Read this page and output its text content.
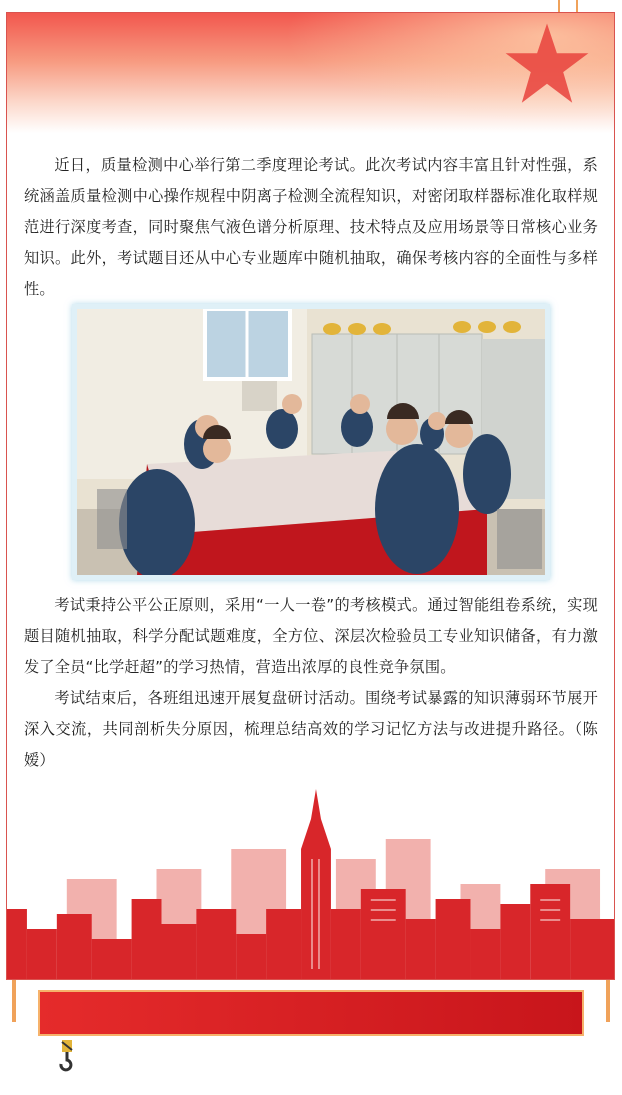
近日，质量检测中心举行第二季度理论考试。此次考试内容丰富且针对性强，系统涵盖质量检测中心操作规程中阴离子检测全流程知识，对密闭取样器标准化取样规范进行深度考查，同时聚焦气液色谱分析原理、技术特点及应用场景等日常核心业务知识。此外，考试题目还从中心专业题库中随机抽取，确保考核内容的全面性与多样性。

考试秉持公平公正原则，采用“一人一卷”的考核模式。通过智能组卷系统，实现题目随机抽取，科学分配试题难度，全方位、深层次检验员工专业知识储备，有力激发了全员“比学赶超”的学习热情，营造出浓厚的良性竞争氛围。

考试结束后，各班组迅速开展复盘研讨活动。围绕考试暴露的知识薄弱环节展开深入交流，共同剖析失分原因，梳理总结高效的学习记忆方法与改进提升路径。（陈嫒）
